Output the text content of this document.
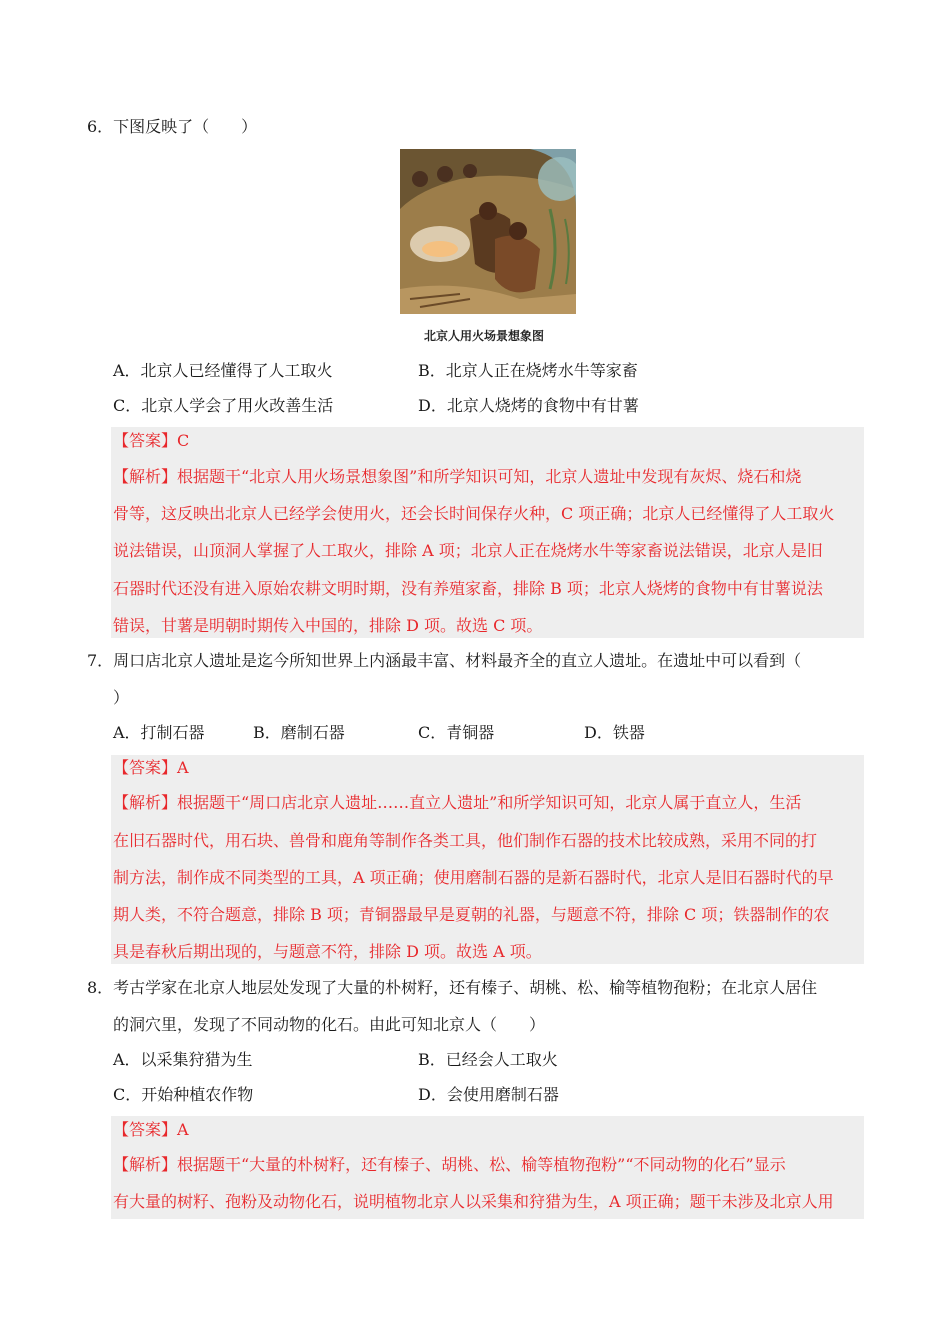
6．下图反映了（　　）
北京人用火场景想象图
A．北京人已经懂得了人工取火	B．北京人正在烧烤水牛等家畜
C．北京人学会了用火改善生活	D．北京人烧烤的食物中有甘薯
【答案】C
【解析】根据题干“北京人用火场景想象图”和所学知识可知，北京人遗址中发现有灰烬、烧石和烧
骨等，这反映出北京人已经学会使用火，还会长时间保存火种，C 项正确；北京人已经懂得了人工取火
说法错误，山顶洞人掌握了人工取火，排除 A 项；北京人正在烧烤水牛等家畜说法错误，北京人是旧
石器时代还没有进入原始农耕文明时期，没有养殖家畜，排除 B 项；北京人烧烤的食物中有甘薯说法
错误，甘薯是明朝时期传入中国的，排除 D 项。故选 C 项。
7．周口店北京人遗址是迄今所知世界上内涵最丰富、材料最齐全的直立人遗址。在遗址中可以看到（
）
A．打制石器	B．磨制石器	C．青铜器	D．铁器
【答案】A
【解析】根据题干“周口店北京人遗址……直立人遗址”和所学知识可知，北京人属于直立人，生活
在旧石器时代，用石块、兽骨和鹿角等制作各类工具，他们制作石器的技术比较成熟，采用不同的打
制方法，制作成不同类型的工具，A 项正确；使用磨制石器的是新石器时代，北京人是旧石器时代的早
期人类，不符合题意，排除 B 项；青铜器最早是夏朝的礼器，与题意不符，排除 C 项；铁器制作的农
具是春秋后期出现的，与题意不符，排除 D 项。故选 A 项。
8．考古学家在北京人地层处发现了大量的朴树籽，还有榛子、胡桃、松、榆等植物孢粉；在北京人居住
的洞穴里，发现了不同动物的化石。由此可知北京人（　　）
A．以采集狩猎为生	B．已经会人工取火
C．开始种植农作物	D．会使用磨制石器
【答案】A
【解析】根据题干“大量的朴树籽，还有榛子、胡桃、松、榆等植物孢粉”“不同动物的化石”显示
有大量的树籽、孢粉及动物化石，说明植物北京人以采集和狩猎为生，A 项正确；题干未涉及北京人用
